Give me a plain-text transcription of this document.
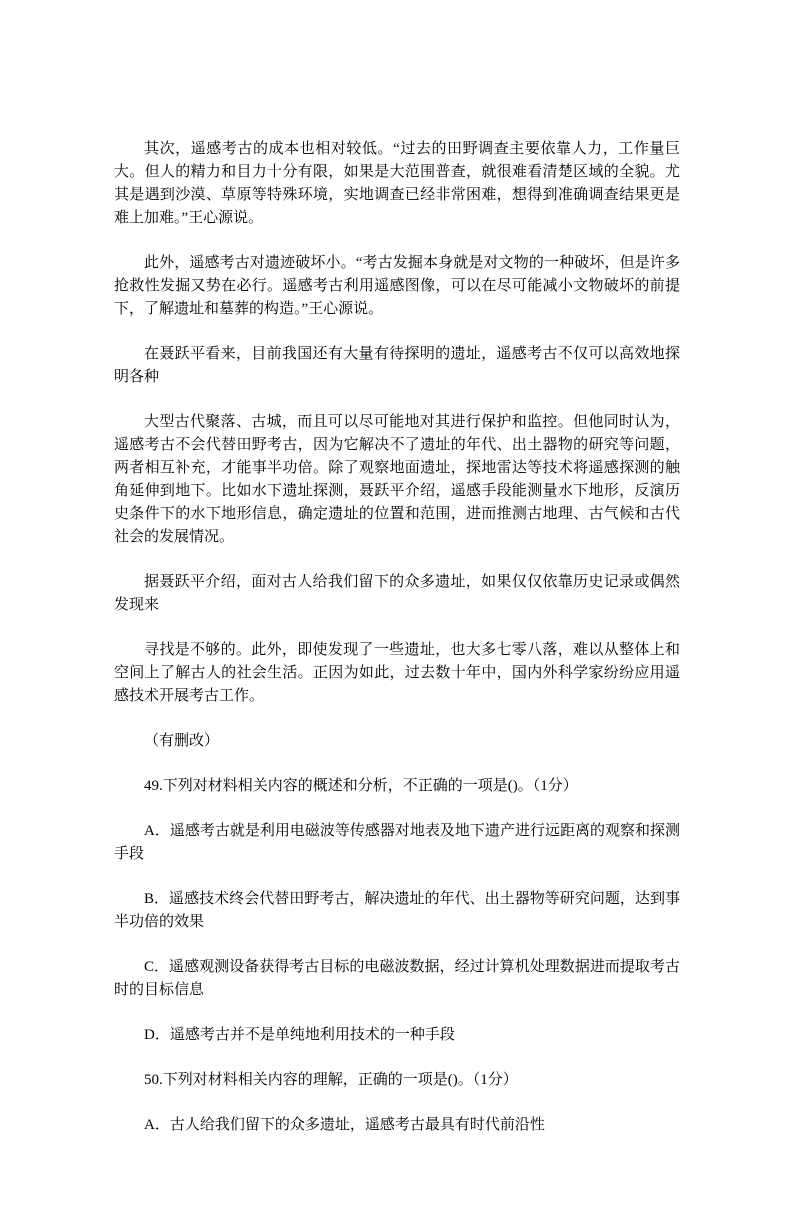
其次，遥感考古的成本也相对较低。“过去的田野调查主要依靠人力，工作量巨大。但人的精力和目力十分有限，如果是大范围普查，就很难看清楚区域的全貌。尤其是遇到沙漠、草原等特殊环境，实地调查已经非常困难，想得到准确调查结果更是难上加难。”王心源说。

此外，遥感考古对遗迹破坏小。“考古发掘本身就是对文物的一种破坏，但是许多抢救性发掘又势在必行。遥感考古利用遥感图像，可以在尽可能减小文物破坏的前提下，了解遗址和墓葬的构造。”王心源说。

在聂跃平看来，目前我国还有大量有待探明的遗址，遥感考古不仅可以高效地探明各种

大型古代聚落、古城，而且可以尽可能地对其进行保护和监控。但他同时认为，遥感考古不会代替田野考古，因为它解决不了遗址的年代、出土器物的研究等问题，两者相互补充，才能事半功倍。除了观察地面遗址，探地雷达等技术将遥感探测的触角延伸到地下。比如水下遗址探测，聂跃平介绍，遥感手段能测量水下地形，反演历史条件下的水下地形信息，确定遗址的位置和范围，进而推测古地理、古气候和古代社会的发展情况。

据聂跃平介绍，面对古人给我们留下的众多遗址，如果仅仅依靠历史记录或偶然发现来

寻找是不够的。此外，即使发现了一些遗址，也大多七零八落，难以从整体上和空间上了解古人的社会生活。正因为如此，过去数十年中，国内外科学家纷纷应用遥感技术开展考古工作。

（有删改）

49.下列对材料相关内容的概述和分析，不正确的一项是()。（1分）

A．遥感考古就是利用电磁波等传感器对地表及地下遗产进行远距离的观察和探测手段

B．遥感技术终会代替田野考古，解决遗址的年代、出土器物等研究问题，达到事半功倍的效果

C．遥感观测设备获得考古目标的电磁波数据，经过计算机处理数据进而提取考古时的目标信息

D．遥感考古并不是单纯地利用技术的一种手段

50.下列对材料相关内容的理解，正确的一项是()。（1分）

A．古人给我们留下的众多遗址，遥感考古最具有时代前沿性
